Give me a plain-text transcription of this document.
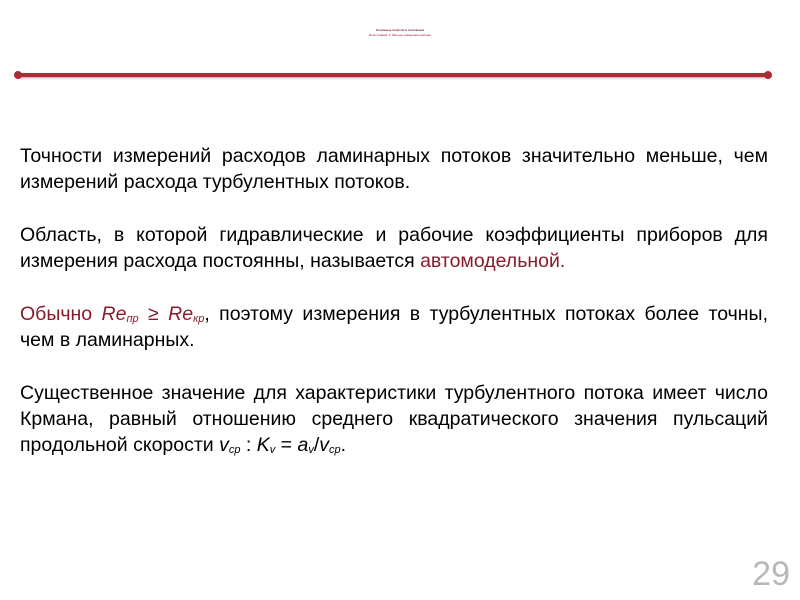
Основные понятия и положения
Блок первый: 4. Методы измерения расхода

Точности измерений расходов ламинарных потоков значительно меньше, чем измерений расхода турбулентных потоков.

Область, в которой гидравлические и рабочие коэффициенты приборов для измерения расхода постоянны, называется автомодельной.

Обычно $Re_{пр} \ge Re_{кр}$, поэтому измерения в турбулентных потоках более точны, чем в ламинарных.

Существенное значение для характеристики турбулентного потока имеет число Крмана, равный отношению среднего квадратического значения пульсаций продольной скорости $v_{ср}$ : $K_v = a_v/v_{ср}$.

29
